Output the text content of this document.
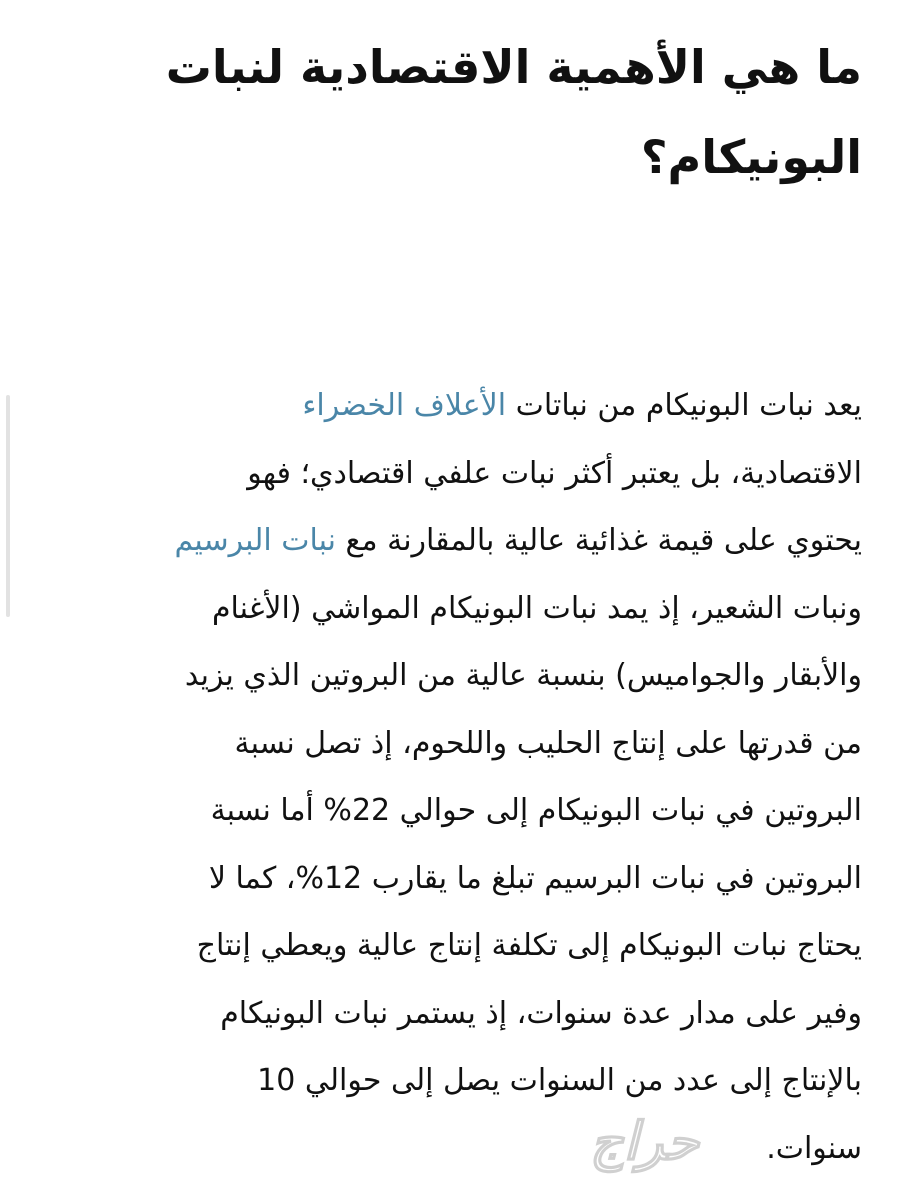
ما هي الأهمية الاقتصادية لنبات
البونيكام؟
يعد نبات البونيكام من نباتات الأعلاف الخضراء
الاقتصادية، بل يعتبر أكثر نبات علفي اقتصادي؛ فهو
يحتوي على قيمة غذائية عالية بالمقارنة مع نبات البرسيم
ونبات الشعير، إذ يمد نبات البونيكام المواشي (الأغنام
والأبقار والجواميس) بنسبة عالية من البروتين الذي يزيد
من قدرتها على إنتاج الحليب واللحوم، إذ تصل نسبة
البروتين في نبات البونيكام إلى حوالي 22% أما نسبة
البروتين في نبات البرسيم تبلغ ما يقارب 12%، كما لا
يحتاج نبات البونيكام إلى تكلفة إنتاج عالية ويعطي إنتاج
وفير على مدار عدة سنوات، إذ يستمر نبات البونيكام
بالإنتاج إلى عدد من السنوات يصل إلى حوالي 10
سنوات.
حراج
